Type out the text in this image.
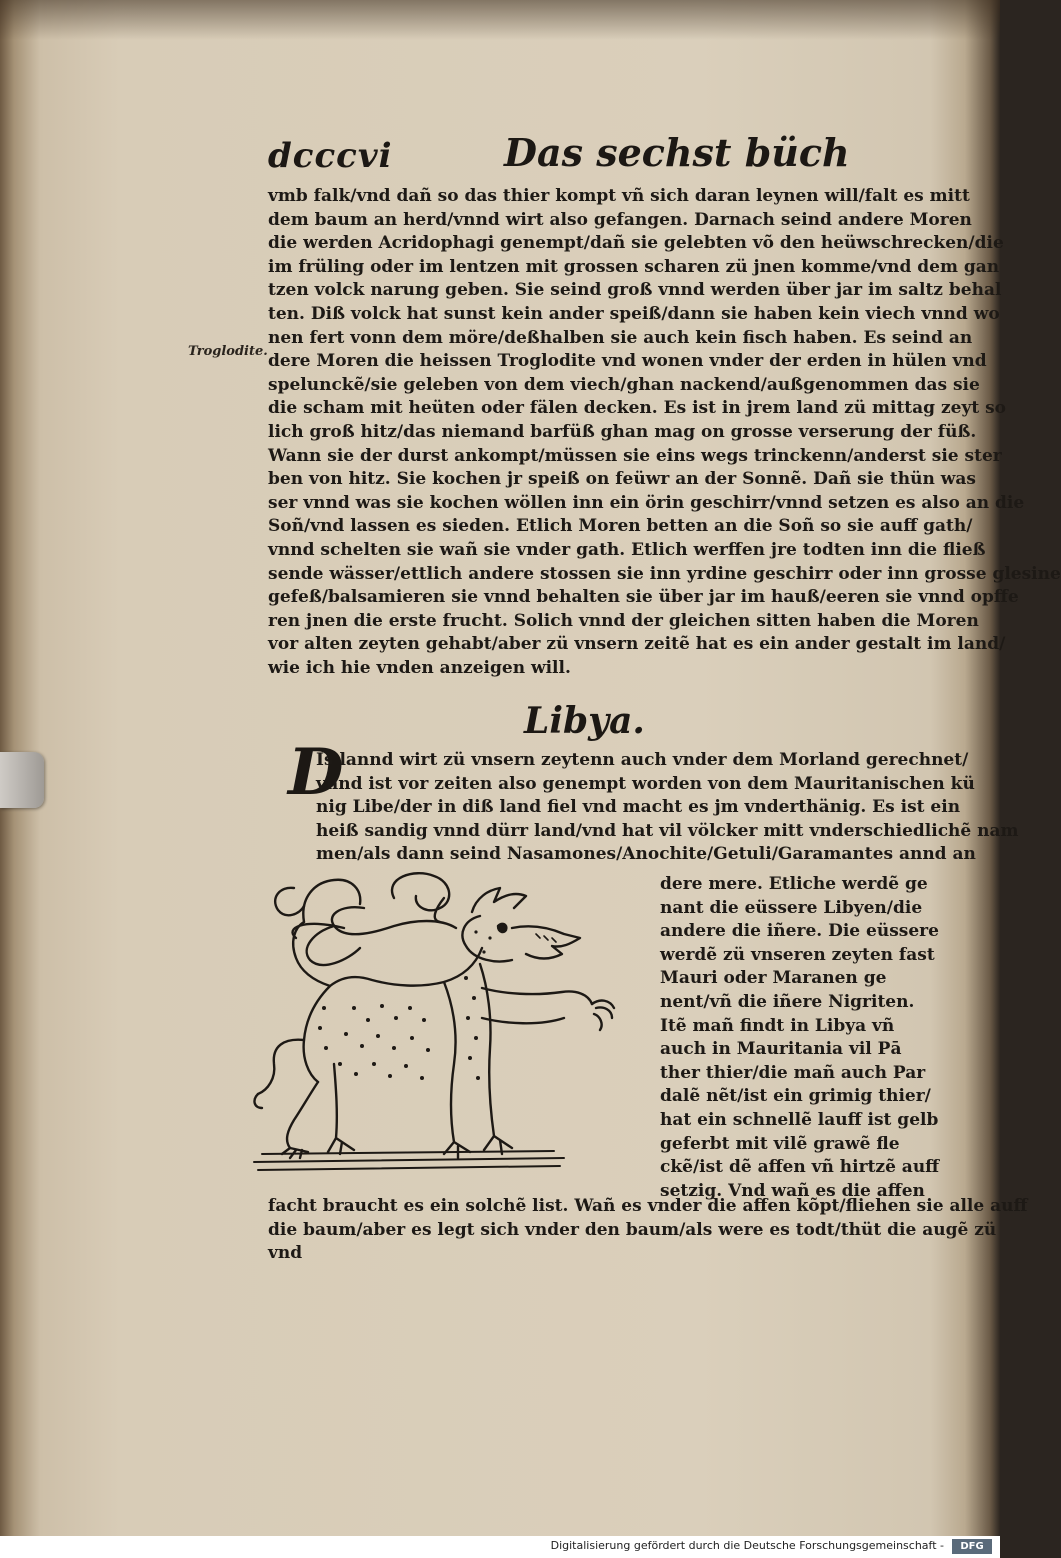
dcccvi	Das sechst büch
Troglodite.
vmb falk/vnd dañ so das thier kompt vñ sich daran leynen will/falt es mitt
dem baum an herd/vnnd wirt also gefangen. Darnach seind andere Moren
die werden Acridophagi genempt/dañ sie gelebten võ den heüwschrecken/die
im früling oder im lentzen mit grossen scharen zü jnen komme/vnd dem gan
tzen volck narung geben. Sie seind groß vnnd werden über jar im saltz behal
ten. Diß volck hat sunst kein ander speiß/dann sie haben kein viech vnnd wo
nen fert vonn dem möre/deßhalben sie auch kein fisch haben. Es seind an
dere Moren die heissen Troglodite vnd wonen vnder der erden in hülen vnd
spelunckẽ/sie geleben von dem viech/ghan nackend/außgenommen das sie
die scham mit heüten oder fälen decken. Es ist in jrem land zü mittag zeyt so
lich groß hitz/das niemand barfüß ghan mag on grosse verserung der füß.
Wann sie der durst ankompt/müssen sie eins wegs trinckenn/anderst sie ster
ben von hitz. Sie kochen jr speiß on feüwr an der Sonnẽ. Dañ sie thün was
ser vnnd was sie kochen wöllen inn ein örin geschirr/vnnd setzen es also an die
Soñ/vnd lassen es sieden. Etlich Moren betten an die Soñ so sie auff gath/
vnnd schelten sie wañ sie vnder gath. Etlich werffen jre todten inn die fließ
sende wässer/ettlich andere stossen sie inn yrdine geschirr oder inn grosse glesine
gefeß/balsamieren sie vnnd behalten sie über jar im hauß/eeren sie vnnd opffe
ren jnen die erste frucht. Solich vnnd der gleichen sitten haben die Moren
vor alten zeyten gehabt/aber zü vnsern zeitẽ hat es ein ander gestalt im land/
wie ich hie vnden anzeigen will.
Libya.
D
Is lannd wirt zü vnsern zeytenn auch vnder dem Morland gerechnet/
vnnd ist vor zeiten also genempt worden von dem Mauritanischen kü
nig Libe/der in diß land fiel vnd macht es jm vnderthänig. Es ist ein
heiß sandig vnnd dürr land/vnd hat vil völcker mitt vnderschiedlichẽ nam
men/als dann seind Nasamones/Anochite/Getuli/Garamantes annd an
dere mere. Etliche werdẽ ge
nant die eüssere Libyen/die
andere die iñere. Die eüssere
werdẽ zü vnseren zeyten fast
Mauri oder Maranen ge
nent/vñ die iñere Nigriten.
Itẽ mañ findt in Libya vñ
auch in Mauritania vil Pā
ther thier/die mañ auch Par
dalẽ nẽt/ist ein grimig thier/
hat ein schnellẽ lauff ist gelb
geferbt mit vilẽ grawẽ fle
ckẽ/ist dẽ affen vñ hirtzẽ auff
setzig. Vnd wañ es die affen
facht braucht es ein solchẽ list. Wañ es vnder die affen kõpt/fliehen sie alle auff
die baum/aber es legt sich vnder den baum/als were es todt/thüt die augẽ zü
vnd
Digitalisierung gefördert durch die Deutsche Forschungsgemeinschaft -	DFG
